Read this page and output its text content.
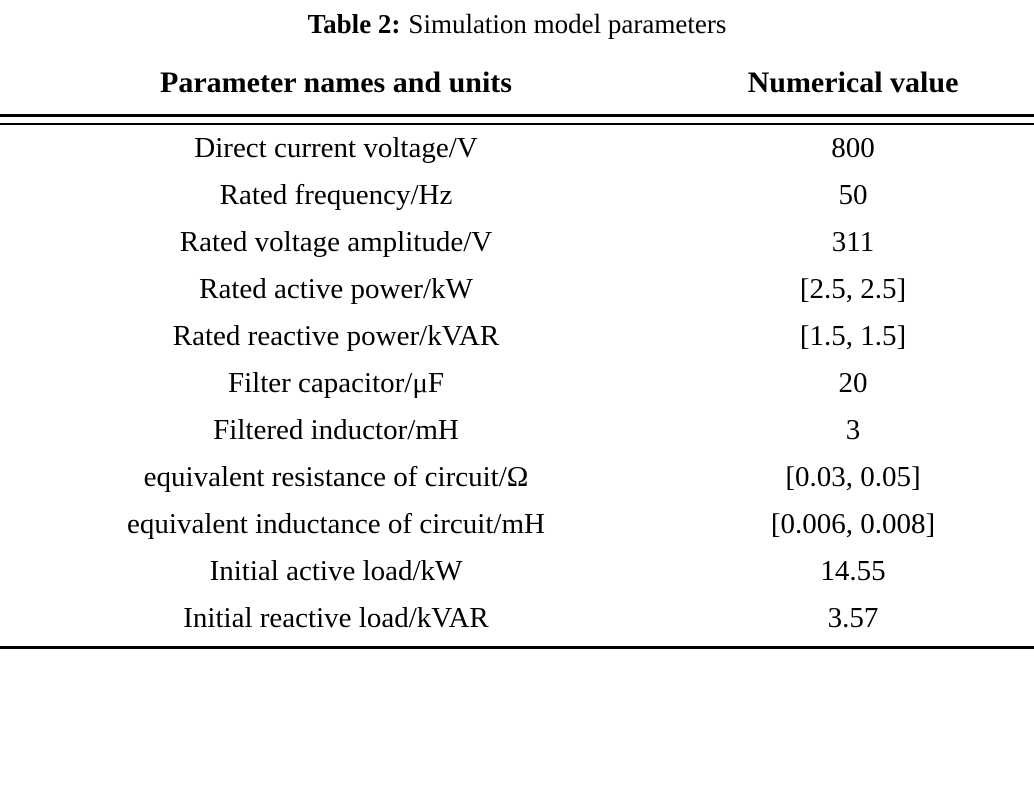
Table 2: Simulation model parameters

Parameter names and units	Numerical value

Direct current voltage/V	800
Rated frequency/Hz	50
Rated voltage amplitude/V	311
Rated active power/kW	[2.5, 2.5]
Rated reactive power/kVAR	[1.5, 1.5]
Filter capacitor/μF	20
Filtered inductor/mH	3
equivalent resistance of circuit/Ω	[0.03, 0.05]
equivalent inductance of circuit/mH	[0.006, 0.008]
Initial active load/kW	14.55
Initial reactive load/kVAR	3.57
